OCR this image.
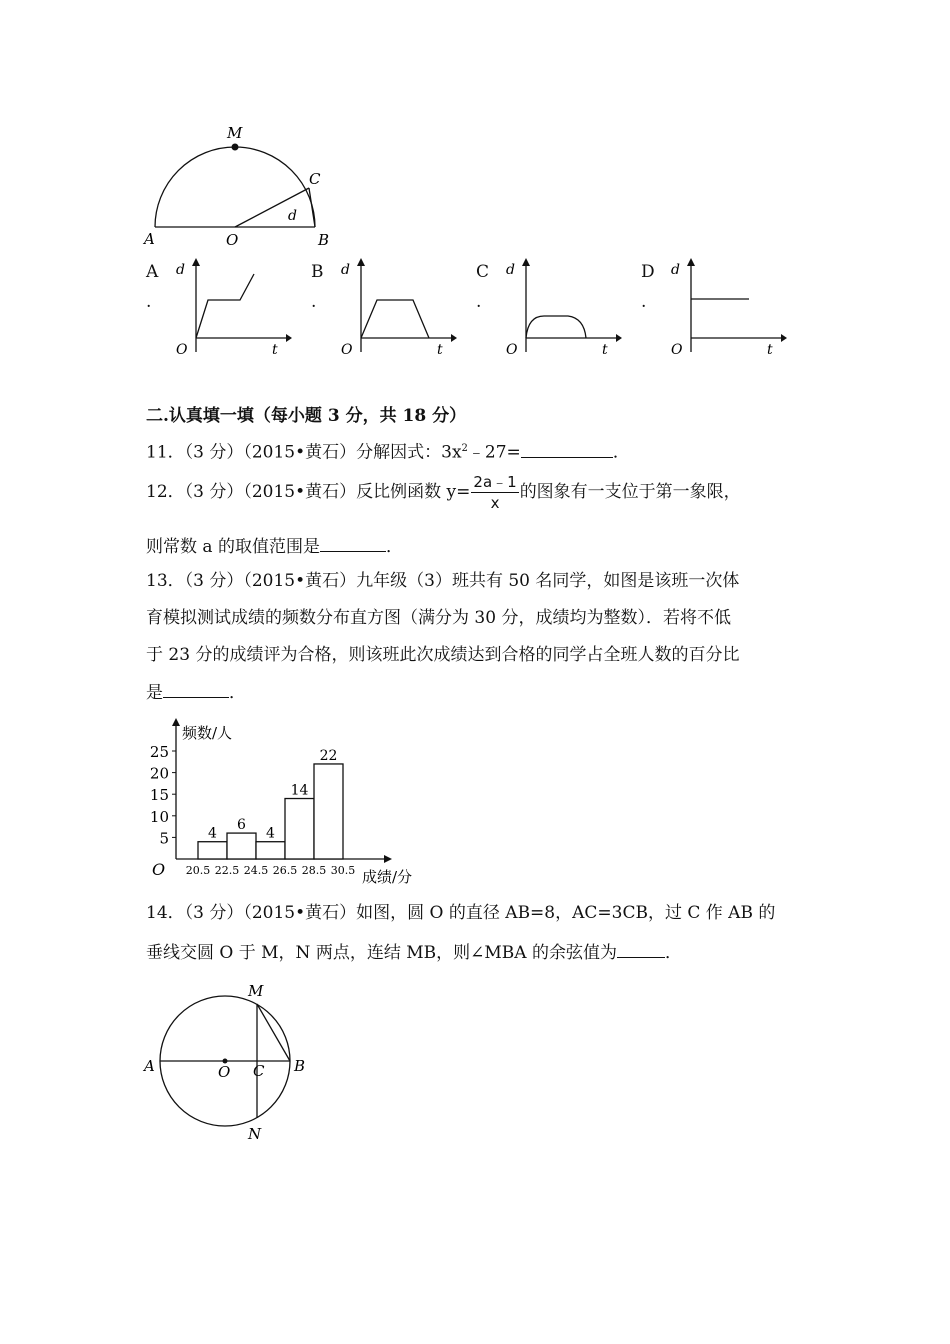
M
C
d
A	O	B
A
.
d
t
O
B
.
d
t
O
C
.
d
t
O
D
.
d
t
O
二.认真填一填（每小题 3 分，共 18 分）
11．（3 分）（2015•黄石）分解因式：$3x^2﹣27=$	．
12．（3 分）（2015•黄石）反比例函数 $y= \frac{2a﹣1}{x}$ 的图象有一支位于第一象限，
则常数 a 的取值范围是	．
13．（3 分）（2015•黄石）九年级（3）班共有 50 名同学，如图是该班一次体
育模拟测试成绩的频数分布直方图（满分为 30 分，成绩均为整数）．若将不低
于 23 分的成绩评为合格，则该班此次成绩达到合格的同学占全班人数的百分比
是	．
5
10
15
20
25
20.5 22.5 24.5 26.5 28.5 30.5
4
6
4
14
22
频数/人
成绩/分
O
14．（3 分）（2015•黄石）如图，圆 O 的直径 AB=8，AC=3CB，过 C 作 AB 的
垂线交圆 O 于 M，N 两点，连结 MB，则∠MBA 的余弦值为	．
M
A	O C B
N
